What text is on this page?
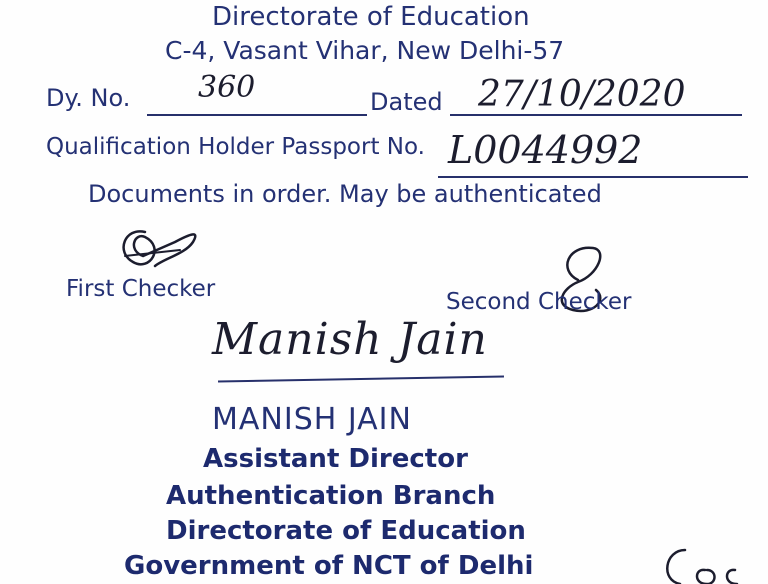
Directorate of Education
C-4, Vasant Vihar, New Delhi-57
Dy. No. 360	Dated 27/10/2020
Qualification Holder Passport No. L0044992
Documents in order. May be authenticated
First Checker	Second Checker
Manish Jain
MANISH JAIN
Assistant Director
Authentication Branch
Directorate of Education
Government of NCT of Delhi
